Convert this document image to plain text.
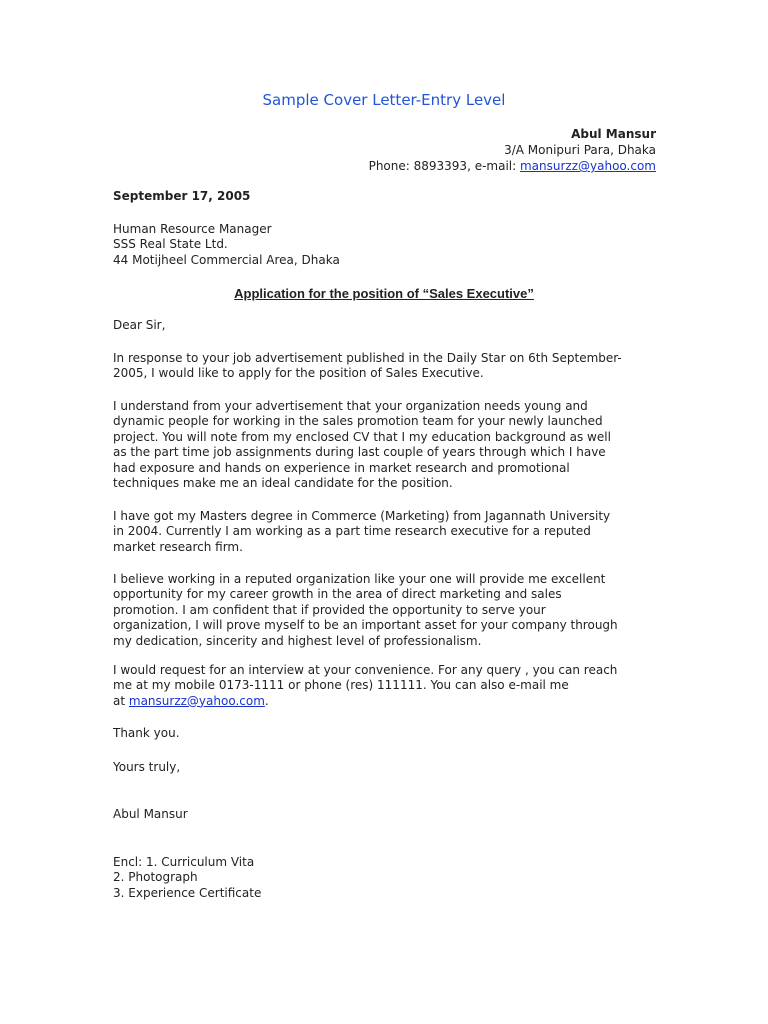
Sample Cover Letter-Entry Level
Abul Mansur
3/A Monipuri Para, Dhaka
Phone: 8893393, e-mail: mansurzz@yahoo.com
September 17, 2005
Human Resource Manager
SSS Real State Ltd.
44 Motijheel Commercial Area, Dhaka
Application for the position of “Sales Executive”
Dear Sir,
In response to your job advertisement published in the Daily Star on 6th September-
2005, I would like to apply for the position of Sales Executive.
I understand from your advertisement that your organization needs young and
dynamic people for working in the sales promotion team for your newly launched
project. You will note from my enclosed CV that I my education background as well
as the part time job assignments during last couple of years through which I have
had exposure and hands on experience in market research and promotional
techniques make me an ideal candidate for the position.
I have got my Masters degree in Commerce (Marketing) from Jagannath University
in 2004. Currently I am working as a part time research executive for a reputed
market research firm.
I believe working in a reputed organization like your one will provide me excellent
opportunity for my career growth in the area of direct marketing and sales
promotion. I am confident that if provided the opportunity to serve your
organization, I will prove myself to be an important asset for your company through
my dedication, sincerity and highest level of professionalism.
I would request for an interview at your convenience. For any query , you can reach
me at my mobile 0173-1111 or phone (res) 111111. You can also e-mail me
at mansurzz@yahoo.com.
Thank you.
Yours truly,
Abul Mansur
Encl: 1. Curriculum Vita
2. Photograph
3. Experience Certificate
